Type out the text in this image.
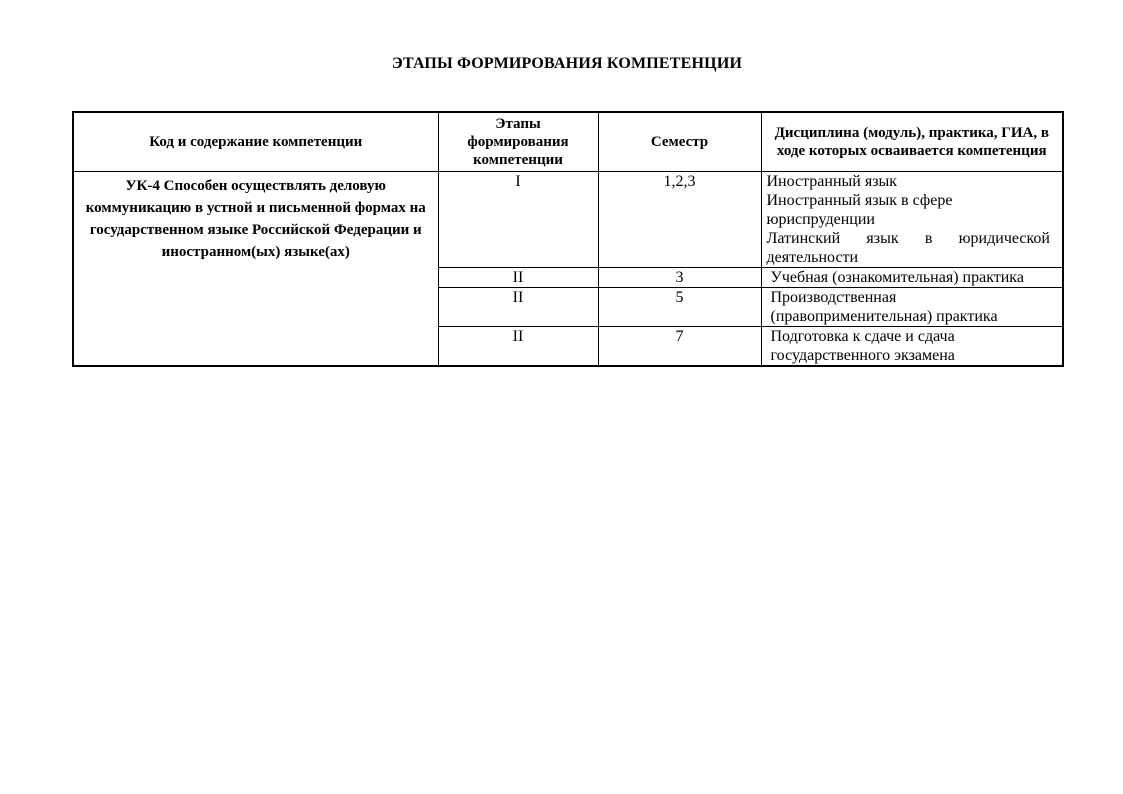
ЭТАПЫ ФОРМИРОВАНИЯ КОМПЕТЕНЦИИ
Код и содержание компетенции	Этапы формирования компетенции	Семестр	Дисциплина (модуль), практика, ГИА, в ходе которых осваивается компетенция
УК-4 Способен осуществлять деловую коммуникацию в устной и письменной формах на государственном языке Российской Федерации и иностранном(ых) языке(ах)	I	1,2,3	Иностранный язык
Иностранный язык в сфере юриспруденции
Латинский язык в юридической деятельности

	II	3	Учебная (ознакомительная) практика

	II	5	Производственная (правоприменительная) практика

	II	7	Подготовка к сдаче и сдача государственного экзамена
